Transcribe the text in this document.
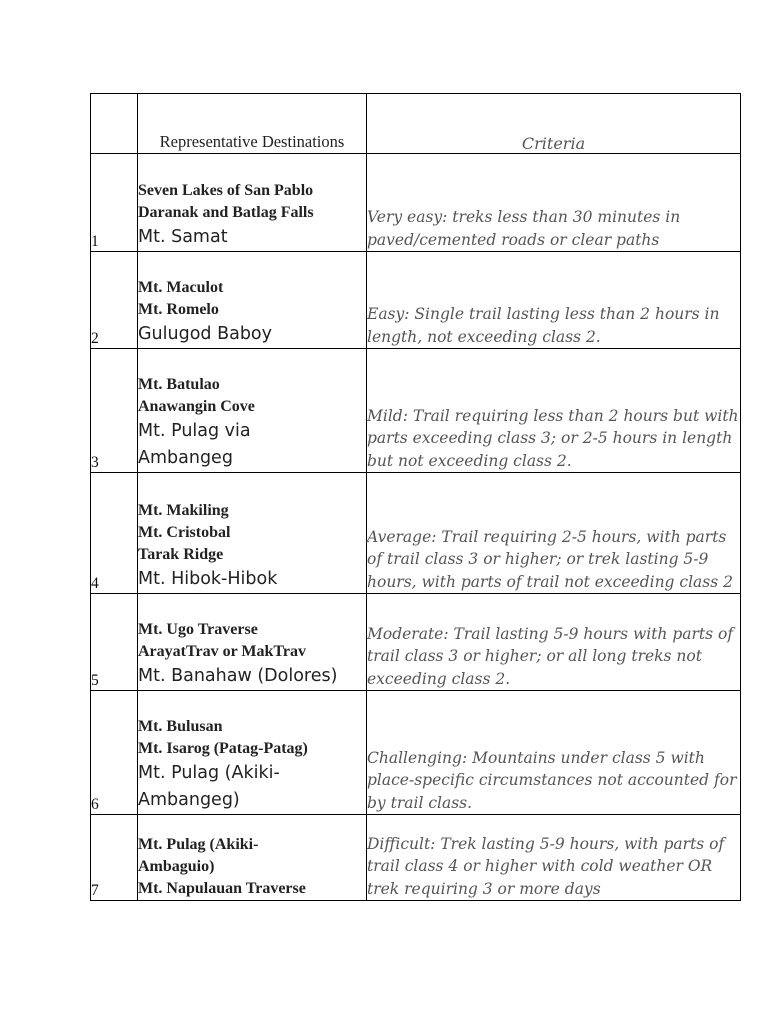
	Representative Destinations	Criteria
1	Seven Lakes of San Pablo
Daranak and Batlag Falls
Mt. Samat	Very easy: treks less than 30 minutes in paved/cemented roads or clear paths
2	Mt. Maculot
Mt. Romelo
Gulugod Baboy	Easy: Single trail lasting less than 2 hours in length, not exceeding class 2.
3	Mt. Batulao
Anawangin Cove
Mt. Pulag via
Ambangeg	Mild: Trail requiring less than 2 hours but with parts exceeding class 3; or 2-5 hours in length but not exceeding class 2.
4	Mt. Makiling
Mt. Cristobal
Tarak Ridge
Mt. Hibok-Hibok	Average: Trail requiring 2-5 hours, with parts of trail class 3 or higher; or trek lasting 5-9 hours, with parts of trail not exceeding class 2
5	Mt. Ugo Traverse
ArayatTrav or MakTrav
Mt. Banahaw (Dolores)	Moderate: Trail lasting 5-9 hours with parts of trail class 3 or higher; or all long treks not exceeding class 2.
6	Mt. Bulusan
Mt. Isarog (Patag-Patag)
Mt. Pulag (Akiki-
Ambangeg)	Challenging: Mountains under class 5 with place-specific circumstances not accounted for by trail class.
7	Mt. Pulag (Akiki-
Ambaguio)
Mt. Napulauan Traverse	Difficult: Trek lasting 5-9 hours, with parts of trail class 4 or higher with cold weather OR trek requiring 3 or more days
